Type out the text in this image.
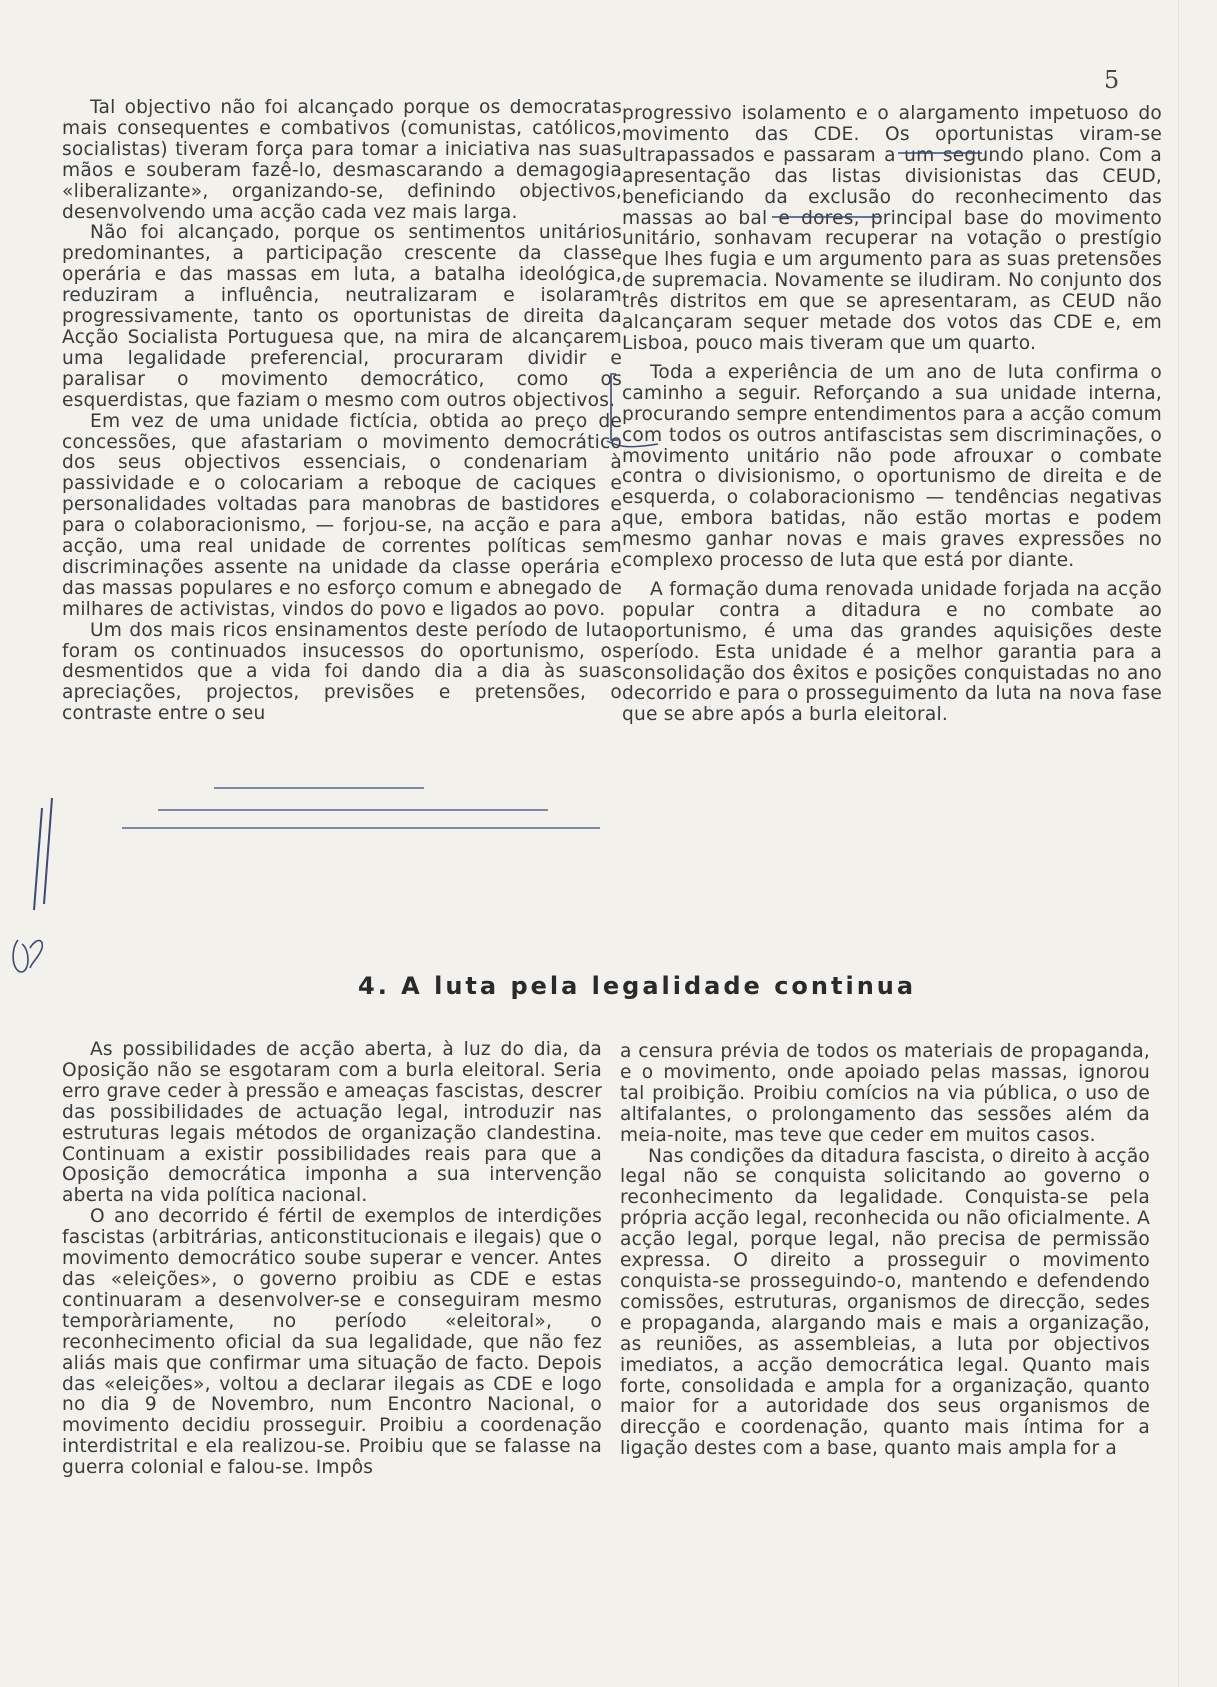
5

Tal objectivo não foi alcançado porque os democratas mais consequentes e combativos (comunistas, católicos, socialistas) tiveram força para tomar a iniciativa nas suas mãos e souberam fazê-lo, desmascarando a demagogia «liberalizante», organizando-se, definindo objectivos, desenvolvendo uma acção cada vez mais larga.

Não foi alcançado, porque os sentimentos unitários predominantes, a participação crescente da classe operária e das massas em luta, a batalha ideológica, reduziram a influência, neutralizaram e isolaram progressivamente, tanto os oportunistas de direita da Acção Socialista Portuguesa que, na mira de alcançarem uma legalidade preferencial, procuraram dividir e paralisar o movimento democrático, como os esquerdistas, que faziam o mesmo com outros objectivos.

Em vez de uma unidade fictícia, obtida ao preço de concessões, que afastariam o movimento democrático dos seus objectivos essenciais, o condenariam à passividade e o colocariam a reboque de caciques e personalidades voltadas para manobras de bastidores e para o colaboracionismo, — forjou-se, na acção e para a acção, uma real unidade de correntes políticas sem discriminações assente na unidade da classe operária e das massas populares e no esforço comum e abnegado de milhares de activistas, vindos do povo e ligados ao povo.

Um dos mais ricos ensinamentos deste período de luta foram os continuados insucessos do oportunismo, os desmentidos que a vida foi dando dia a dia às suas apreciações, projectos, previsões e pretensões, o contraste entre o seu

progressivo isolamento e o alargamento impetuoso do movimento das CDE. Os oportunistas viram-se ultrapassados e passaram a um segundo plano. Com a apresentação das listas divisionistas das CEUD, beneficiando da exclusão do reconhecimento das massas ao bal e dores, principal base do movimento unitário, sonhavam recuperar na votação o prestígio que lhes fugia e um argumento para as suas pretensões de supremacia. Novamente se iludiram. No conjunto dos três distritos em que se apresentaram, as CEUD não alcançaram sequer metade dos votos das CDE e, em Lisboa, pouco mais tiveram que um quarto.

Toda a experiência de um ano de luta confirma o caminho a seguir. Reforçando a sua unidade interna, procurando sempre entendimentos para a acção comum com todos os outros antifascistas sem discriminações, o movimento unitário não pode afrouxar o combate contra o divisionismo, o oportunismo de direita e de esquerda, o colaboracionismo — tendências negativas que, embora batidas, não estão mortas e podem mesmo ganhar novas e mais graves expressões no complexo processo de luta que está por diante.

A formação duma renovada unidade forjada na acção popular contra a ditadura e no combate ao oportunismo, é uma das grandes aquisições deste período. Esta unidade é a melhor garantia para a consolidação dos êxitos e posições conquistadas no ano decorrido e para o prosseguimento da luta na nova fase que se abre após a burla eleitoral.

4. A luta pela legalidade continua

As possibilidades de acção aberta, à luz do dia, da Oposição não se esgotaram com a burla eleitoral. Seria erro grave ceder à pressão e ameaças fascistas, descrer das possibilidades de actuação legal, introduzir nas estruturas legais métodos de organização clandestina. Continuam a existir possibilidades reais para que a Oposição democrática imponha a sua intervenção aberta na vida política nacional.

O ano decorrido é fértil de exemplos de interdições fascistas (arbitrárias, anticonstitucionais e ilegais) que o movimento democrático soube superar e vencer. Antes das «eleições», o governo proibiu as CDE e estas continuaram a desenvolver-se e conseguiram mesmo temporàriamente, no período «eleitoral», o reconhecimento oficial da sua legalidade, que não fez aliás mais que confirmar uma situação de facto. Depois das «eleições», voltou a declarar ilegais as CDE e logo no dia 9 de Novembro, num Encontro Nacional, o movimento decidiu prosseguir. Proibiu a coordenação interdistrital e ela realizou-se. Proibiu que se falasse na guerra colonial e falou-se. Impôs

a censura prévia de todos os materiais de propaganda, e o movimento, onde apoiado pelas massas, ignorou tal proibição. Proibiu comícios na via pública, o uso de altifalantes, o prolongamento das sessões além da meia-noite, mas teve que ceder em muitos casos.

Nas condições da ditadura fascista, o direito à acção legal não se conquista solicitando ao governo o reconhecimento da legalidade. Conquista-se pela própria acção legal, reconhecida ou não oficialmente. A acção legal, porque legal, não precisa de permissão expressa. O direito a prosseguir o movimento conquista-se prosseguindo-o, mantendo e defendendo comissões, estruturas, organismos de direcção, sedes e propaganda, alargando mais e mais a organização, as reuniões, as assembleias, a luta por objectivos imediatos, a acção democrática legal. Quanto mais forte, consolidada e ampla for a organização, quanto maior for a autoridade dos seus organismos de direcção e coordenação, quanto mais íntima for a ligação destes com a base, quanto mais ampla for a
